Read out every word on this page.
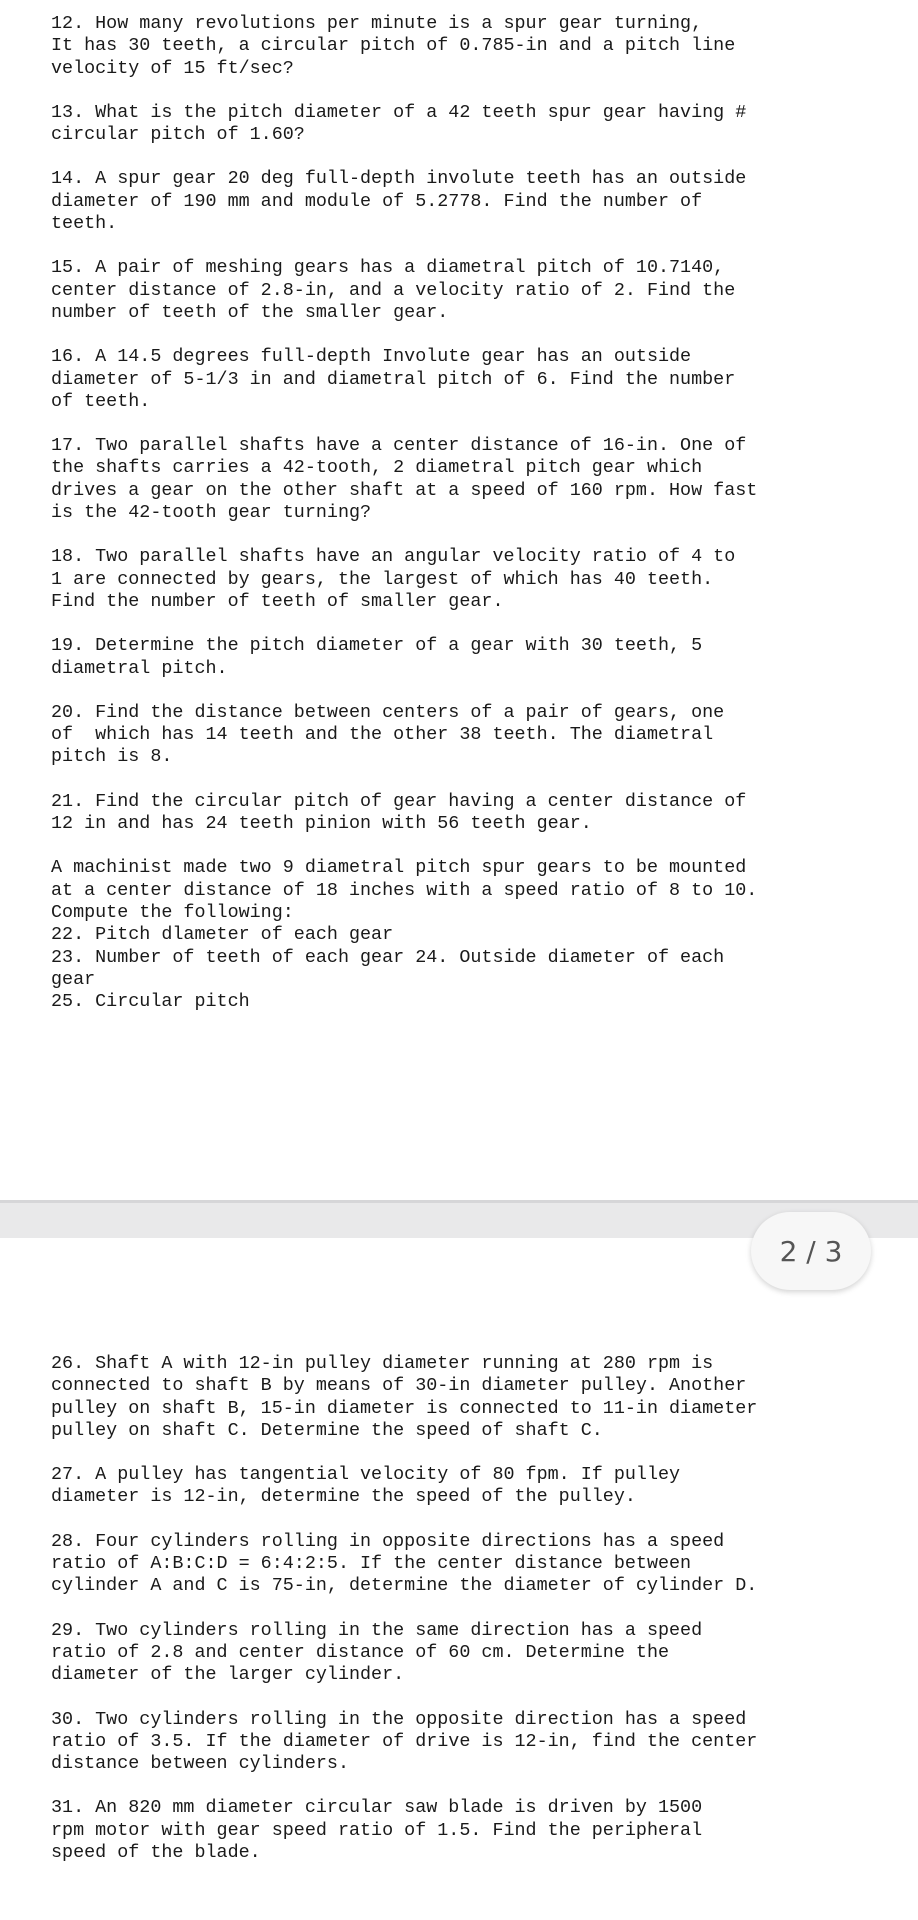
12. How many revolutions per minute is a spur gear turning,
It has 30 teeth, a circular pitch of 0.785-in and a pitch line
velocity of 15 ft/sec?
13. What is the pitch diameter of a 42 teeth spur gear having #
circular pitch of 1.60?
14. A spur gear 20 deg full-depth involute teeth has an outside
diameter of 190 mm and module of 5.2778. Find the number of
teeth.
15. A pair of meshing gears has a diametral pitch of 10.7140,
center distance of 2.8-in, and a velocity ratio of 2. Find the
number of teeth of the smaller gear.
16. A 14.5 degrees full-depth Involute gear has an outside
diameter of 5-1/3 in and diametral pitch of 6. Find the number
of teeth.
17. Two parallel shafts have a center distance of 16-in. One of
the shafts carries a 42-tooth, 2 diametral pitch gear which
drives a gear on the other shaft at a speed of 160 rpm. How fast
is the 42-tooth gear turning?
18. Two parallel shafts have an angular velocity ratio of 4 to
1 are connected by gears, the largest of which has 40 teeth.
Find the number of teeth of smaller gear.
19. Determine the pitch diameter of a gear with 30 teeth, 5
diametral pitch.
20. Find the distance between centers of a pair of gears, one
of  which has 14 teeth and the other 38 teeth. The diametral
pitch is 8.
21. Find the circular pitch of gear having a center distance of
12 in and has 24 teeth pinion with 56 teeth gear.
A machinist made two 9 diametral pitch spur gears to be mounted
at a center distance of 18 inches with a speed ratio of 8 to 10.
Compute the following:
22. Pitch dlameter of each gear
23. Number of teeth of each gear 24. Outside diameter of each
gear
25. Circular pitch
26. Shaft A with 12-in pulley diameter running at 280 rpm is
connected to shaft B by means of 30-in diameter pulley. Another
pulley on shaft B, 15-in diameter is connected to 11-in diameter
pulley on shaft C. Determine the speed of shaft C.
27. A pulley has tangential velocity of 80 fpm. If pulley
diameter is 12-in, determine the speed of the pulley.
28. Four cylinders rolling in opposite directions has a speed
ratio of A:B:C:D = 6:4:2:5. If the center distance between
cylinder A and C is 75-in, determine the diameter of cylinder D.
29. Two cylinders rolling in the same direction has a speed
ratio of 2.8 and center distance of 60 cm. Determine the
diameter of the larger cylinder.
30. Two cylinders rolling in the opposite direction has a speed
ratio of 3.5. If the diameter of drive is 12-in, find the center
distance between cylinders.
31. An 820 mm diameter circular saw blade is driven by 1500
rpm motor with gear speed ratio of 1.5. Find the peripheral
speed of the blade.
2 / 3
